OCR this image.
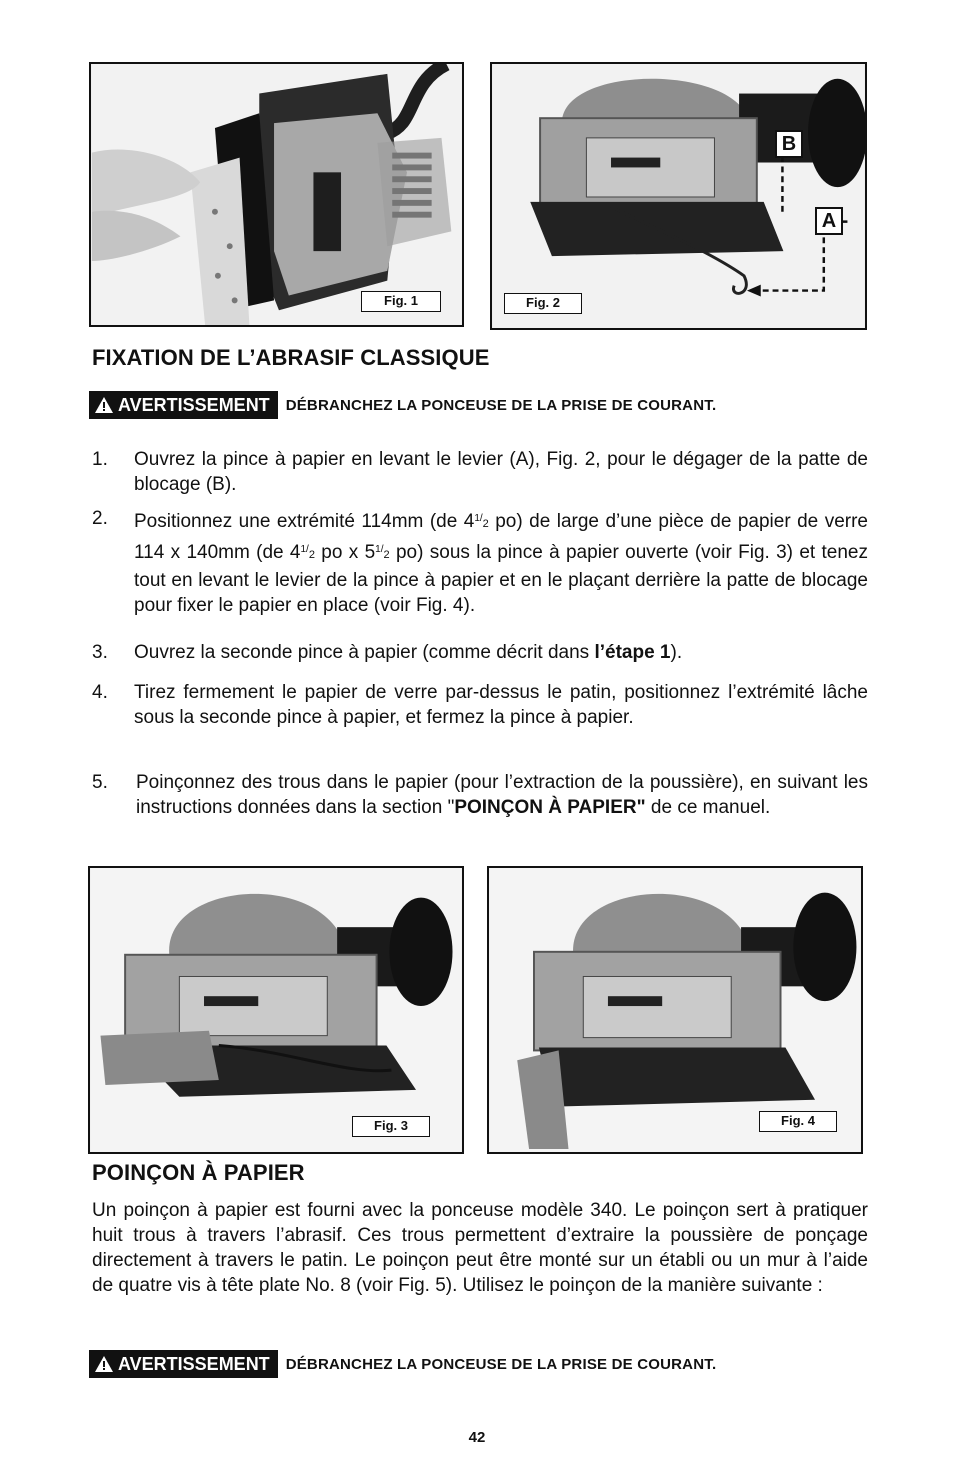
Fig. 1
B
A
Fig. 2
FIXATION DE L’ABRASIF CLASSIQUE
AVERTISSEMENT DÉBRANCHEZ LA PONCEUSE DE LA PRISE DE COURANT.
1. Ouvrez la pince à papier en levant le levier (A), Fig. 2, pour le dégager de la patte de blocage (B).
2. Positionnez une extrémité 114mm (de $4^{1/}2$ po) de large d’une pièce de papier de verre 114 x 140mm (de $4^{1/}2$ po x $5^{1/}2$ po) sous la pince à papier ouverte (voir Fig. 3) et tenez tout en levant le levier de la pince à papier et en le plaçant derrière la patte de blocage pour fixer le papier en place (voir Fig. 4).
3. Ouvrez la seconde pince à papier (comme décrit dans l’étape 1).
4. Tirez fermement le papier de verre par-dessus le patin, positionnez l’extrémité lâche sous la seconde pince à papier, et fermez la pince à papier.
5. Poinçonnez des trous dans le papier (pour l’extraction de la poussière), en suivant les instructions données dans la section "POINÇON À PAPIER" de ce manuel.
Fig. 3	Fig. 4
POINÇON À PAPIER
Un poinçon à papier est fourni avec la ponceuse modèle 340. Le poinçon sert à pratiquer huit trous à travers l’abrasif. Ces trous permettent d’extraire la poussière de ponçage directement à travers le patin. Le poinçon peut être monté sur un établi ou un mur à l’aide de quatre vis à tête plate No. 8 (voir Fig. 5). Utilisez le poinçon de la manière suivante :
AVERTISSEMENT DÉBRANCHEZ LA PONCEUSE DE LA PRISE DE COURANT.
42
